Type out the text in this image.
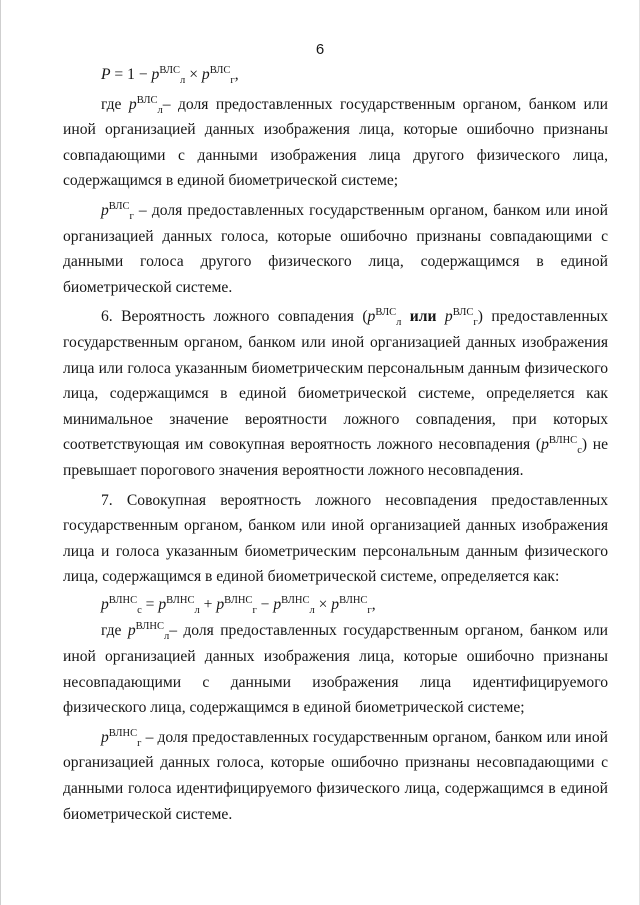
6

$P = 1 - p^{ВЛС}_л \times p^{ВЛС}_г$,

где $p^{ВЛС}_л-$ доля предоставленных государственным органом, банком или иной организацией данных изображения лица, которые ошибочно признаны совпадающими с данными изображения лица другого физического лица, содержащимся в единой биометрической системе;

$p^{ВЛС}_г$ – доля предоставленных государственным органом, банком или иной организацией данных голоса, которые ошибочно признаны совпадающими с данными голоса другого физического лица, содержащимся в единой биометрической системе.

6. Вероятность ложного совпадения ($p^{ВЛС}_л$ или $p^{ВЛС}_г$) предоставленных государственным органом, банком или иной организацией данных изображения лица или голоса указанным биометрическим персональным данным физического лица, содержащимся в единой биометрической системе, определяется как минимальное значение вероятности ложного совпадения, при которых соответствующая им совокупная вероятность ложного несовпадения $(p^{ВЛНС}_с)$ не превышает порогового значения вероятности ложного несовпадения.

7. Совокупная вероятность ложного несовпадения предоставленных государственным органом, банком или иной организацией данных изображения лица и голоса указанным биометрическим персональным данным физического лица, содержащимся в единой биометрической системе, определяется как:

$p^{ВЛНС}_с = p^{ВЛНС}_л + p^{ВЛНС}_г - p^{ВЛНС}_л \times p^{ВЛНС}_г$,

где $p^{ВЛНС}_л-$ доля предоставленных государственным органом, банком или иной организацией данных изображения лица, которые ошибочно признаны несовпадающими с данными изображения лица идентифицируемого физического лица, содержащимся в единой биометрической системе;

$p^{ВЛНС}_г$ – доля предоставленных государственным органом, банком или иной организацией данных голоса, которые ошибочно признаны несовпадающими с данными голоса идентифицируемого физического лица, содержащимся в единой биометрической системе.
